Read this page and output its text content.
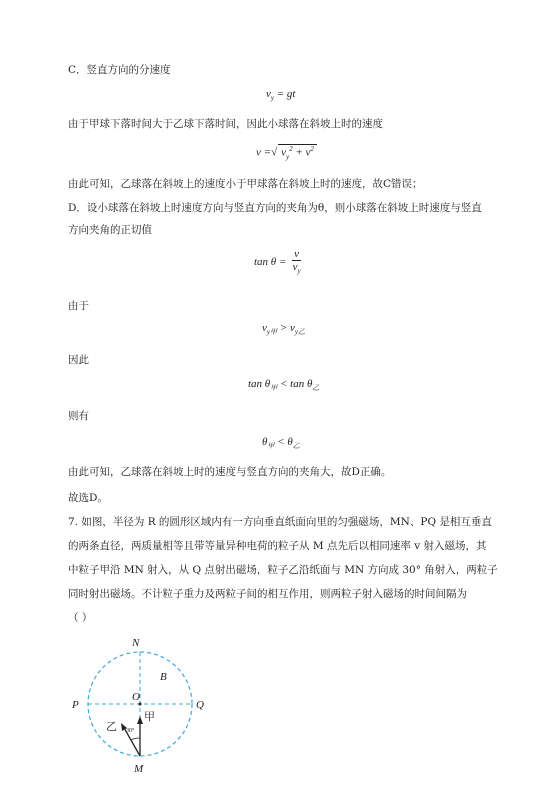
C．竖直方向的分速度
$v_y$ = gt
由于甲球下落时间大于乙球下落时间，因此小球落在斜坡上时的速度
v =√ $v_y^2 + v^2$
由此可知，乙球落在斜坡上的速度小于甲球落在斜坡上时的速度，故C错误；
D．设小球落在斜坡上时速度方向与竖直方向的夹角为θ，则小球落在斜坡上时速度与竖直
方向夹角的正切值
$\tan \theta = \frac{v}{v_y}$
由于
$v_{y甲} > v_{y乙}$
因此
$\tan \theta_甲 < \tan \theta_乙$
则有
$\theta_甲 < \theta_乙$
由此可知，乙球落在斜坡上时的速度与竖直方向的夹角大，故D正确。
故选D。
7. 如图，半径为 R 的圆形区域内有一方向垂直纸面向里的匀强磁场，MN、PQ 是相互垂直
的两条直径，两质量相等且带等量异种电荷的粒子从 M 点先后以相同速率 v 射入磁场，其
中粒子甲沿 MN 射入，从 Q 点射出磁场，粒子乙沿纸面与 MN 方向成 30° 角射入，两粒子
同时射出磁场。不计粒子重力及两粒子间的相互作用，则两粒子射入磁场的时间间隔为
（ ）
N
B
O
P	Q
甲
乙 30°
M
